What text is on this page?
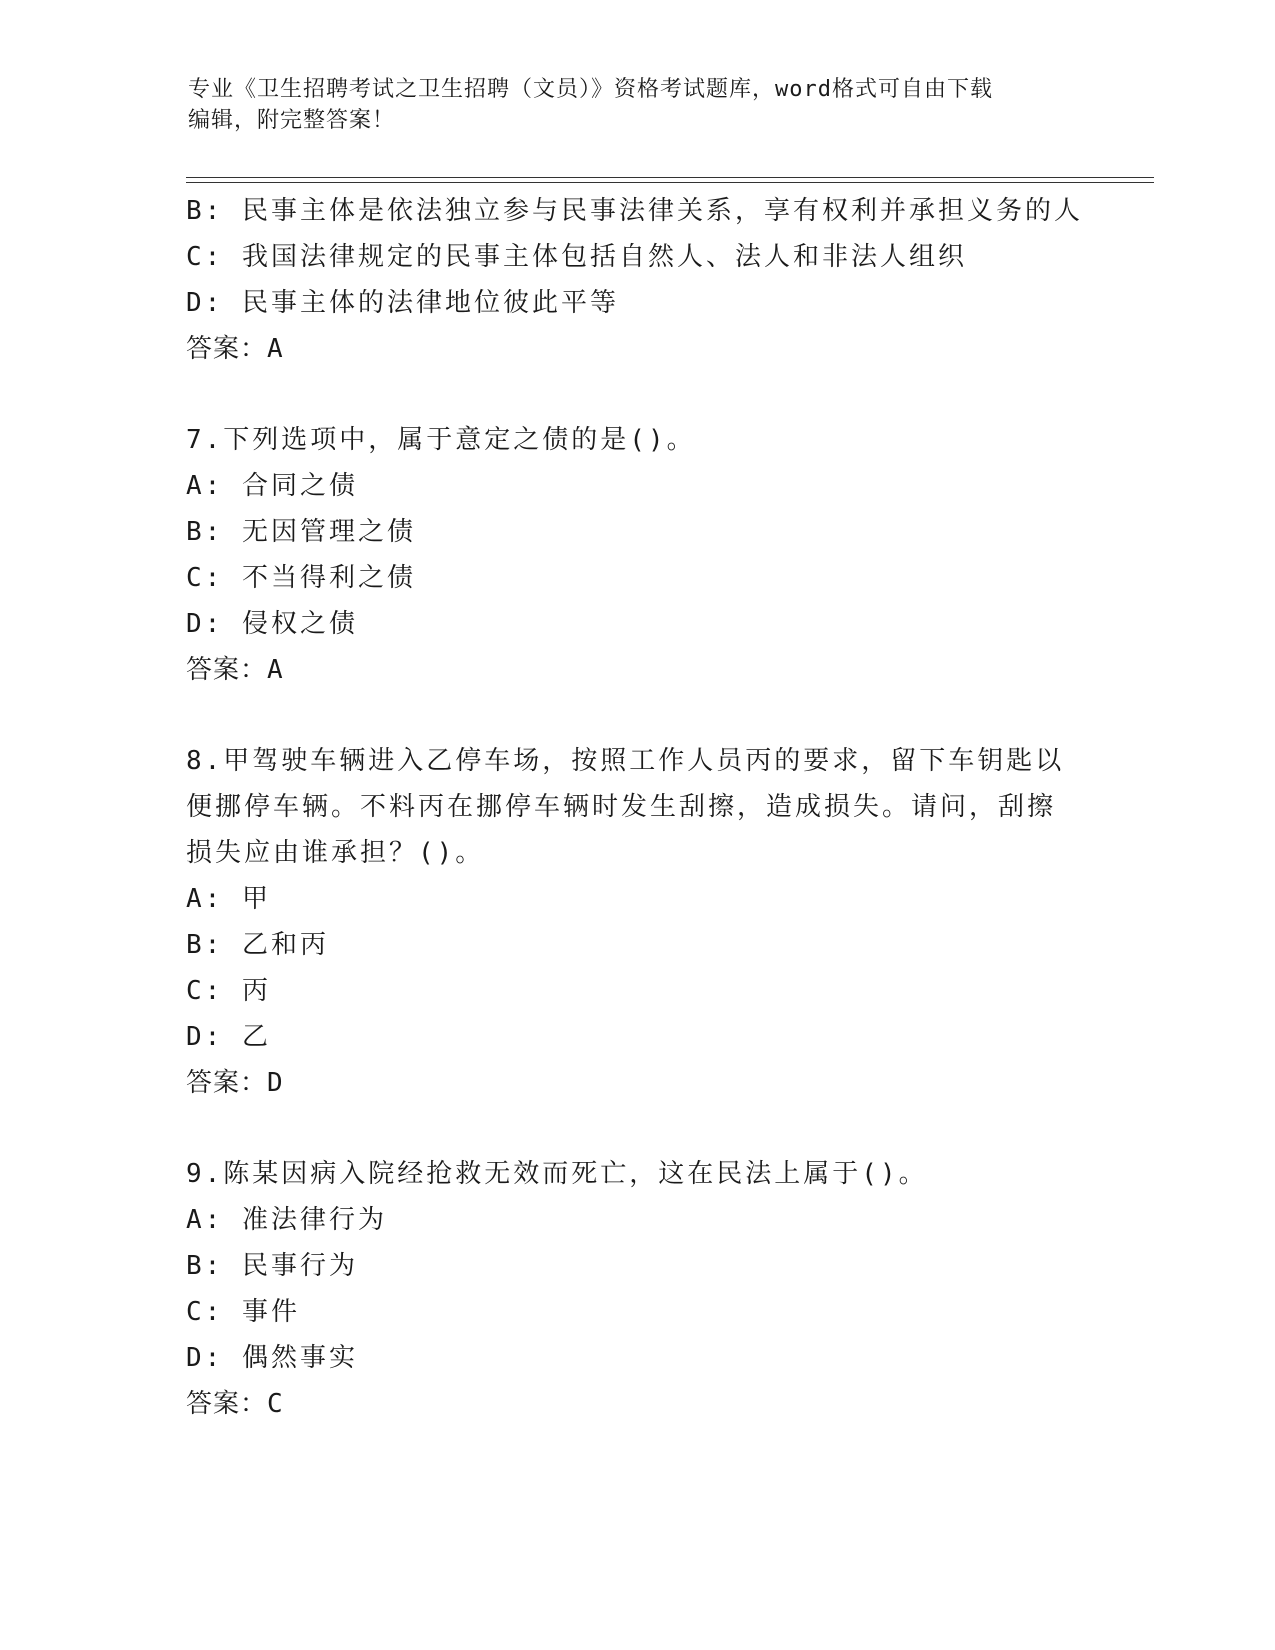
专业《卫生招聘考试之卫生招聘（文员）》资格考试题库，word格式可自由下载
编辑，附完整答案！
B: 民事主体是依法独立参与民事法律关系，享有权利并承担义务的人
C: 我国法律规定的民事主体包括自然人、法人和非法人组织
D: 民事主体的法律地位彼此平等
答案：A
7.下列选项中，属于意定之债的是()。
A: 合同之债
B: 无因管理之债
C: 不当得利之债
D: 侵权之债
答案：A
8.甲驾驶车辆进入乙停车场，按照工作人员丙的要求，留下车钥匙以
便挪停车辆。不料丙在挪停车辆时发生刮擦，造成损失。请问，刮擦
损失应由谁承担？()。
A: 甲
B: 乙和丙
C: 丙
D: 乙
答案：D
9.陈某因病入院经抢救无效而死亡，这在民法上属于()。
A: 准法律行为
B: 民事行为
C: 事件
D: 偶然事实
答案：C
